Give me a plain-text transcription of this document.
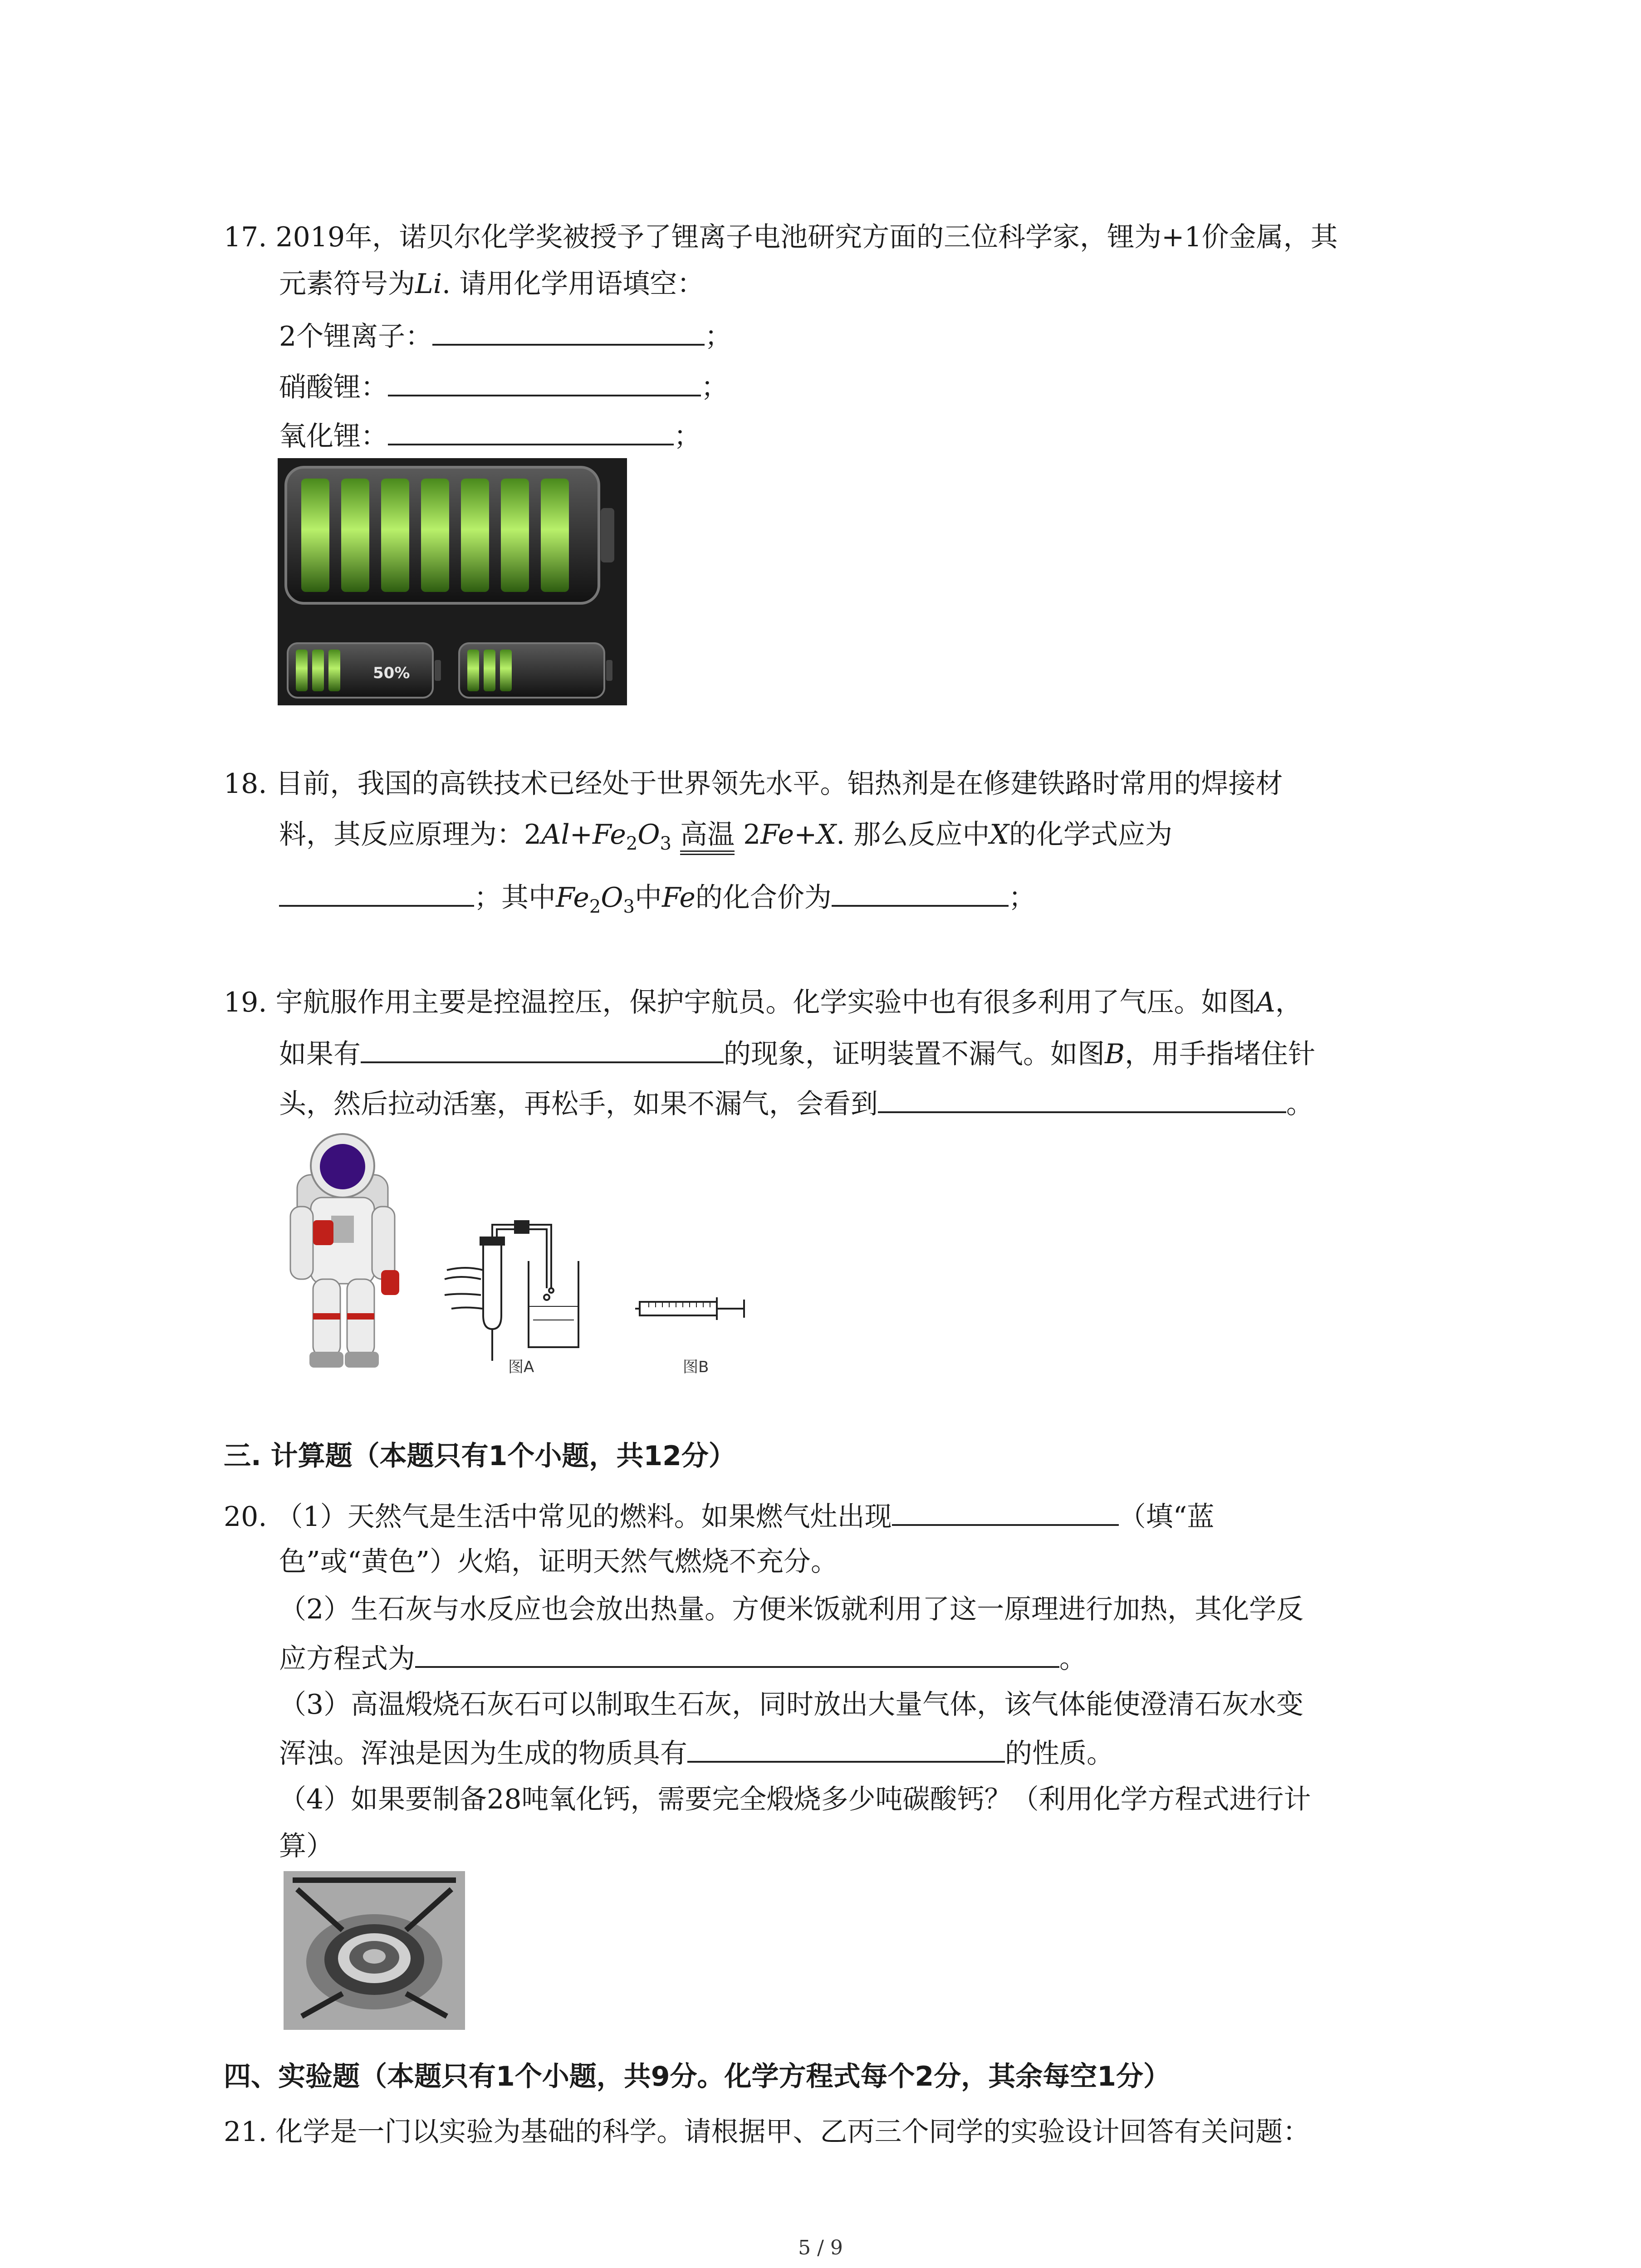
17. 2019年，诺贝尔化学奖被授予了锂离子电池研究方面的三位科学家，锂为+1价金属，其
元素符号为Li. 请用化学用语填空：
2个锂离子：	；
硝酸锂：	；
氧化锂：	；
50%
18. 目前，我国的高铁技术已经处于世界领先水平。铝热剂是在修建铁路时常用的焊接材
料，其反应原理为：$2Al+Fe_2O_3$ 高温 2Fe+X. 那么反应中X的化学式应为
；其中$Fe_2O_3$中Fe的化合价为	；
19. 宇航服作用主要是控温控压，保护宇航员。化学实验中也有很多利用了气压。如图A，
如果有	的现象，证明装置不漏气。如图B，用手指堵住针
头，然后拉动活塞，再松手，如果不漏气，会看到	。
图A	图B
三. 计算题（本题只有1个小题，共12分）
20. （1）天然气是生活中常见的燃料。如果燃气灶出现	（填“蓝
色”或“黄色”）火焰，证明天然气燃烧不充分。
（2）生石灰与水反应也会放出热量。方便米饭就利用了这一原理进行加热，其化学反
应方程式为	。
（3）高温煅烧石灰石可以制取生石灰，同时放出大量气体，该气体能使澄清石灰水变
浑浊。浑浊是因为生成的物质具有	的性质。
（4）如果要制备28吨氧化钙，需要完全煅烧多少吨碳酸钙？（利用化学方程式进行计
算）
四、实验题（本题只有1个小题，共9分。化学方程式每个2分，其余每空1分）
21. 化学是一门以实验为基础的科学。请根据甲、乙丙三个同学的实验设计回答有关问题：
5 / 9
